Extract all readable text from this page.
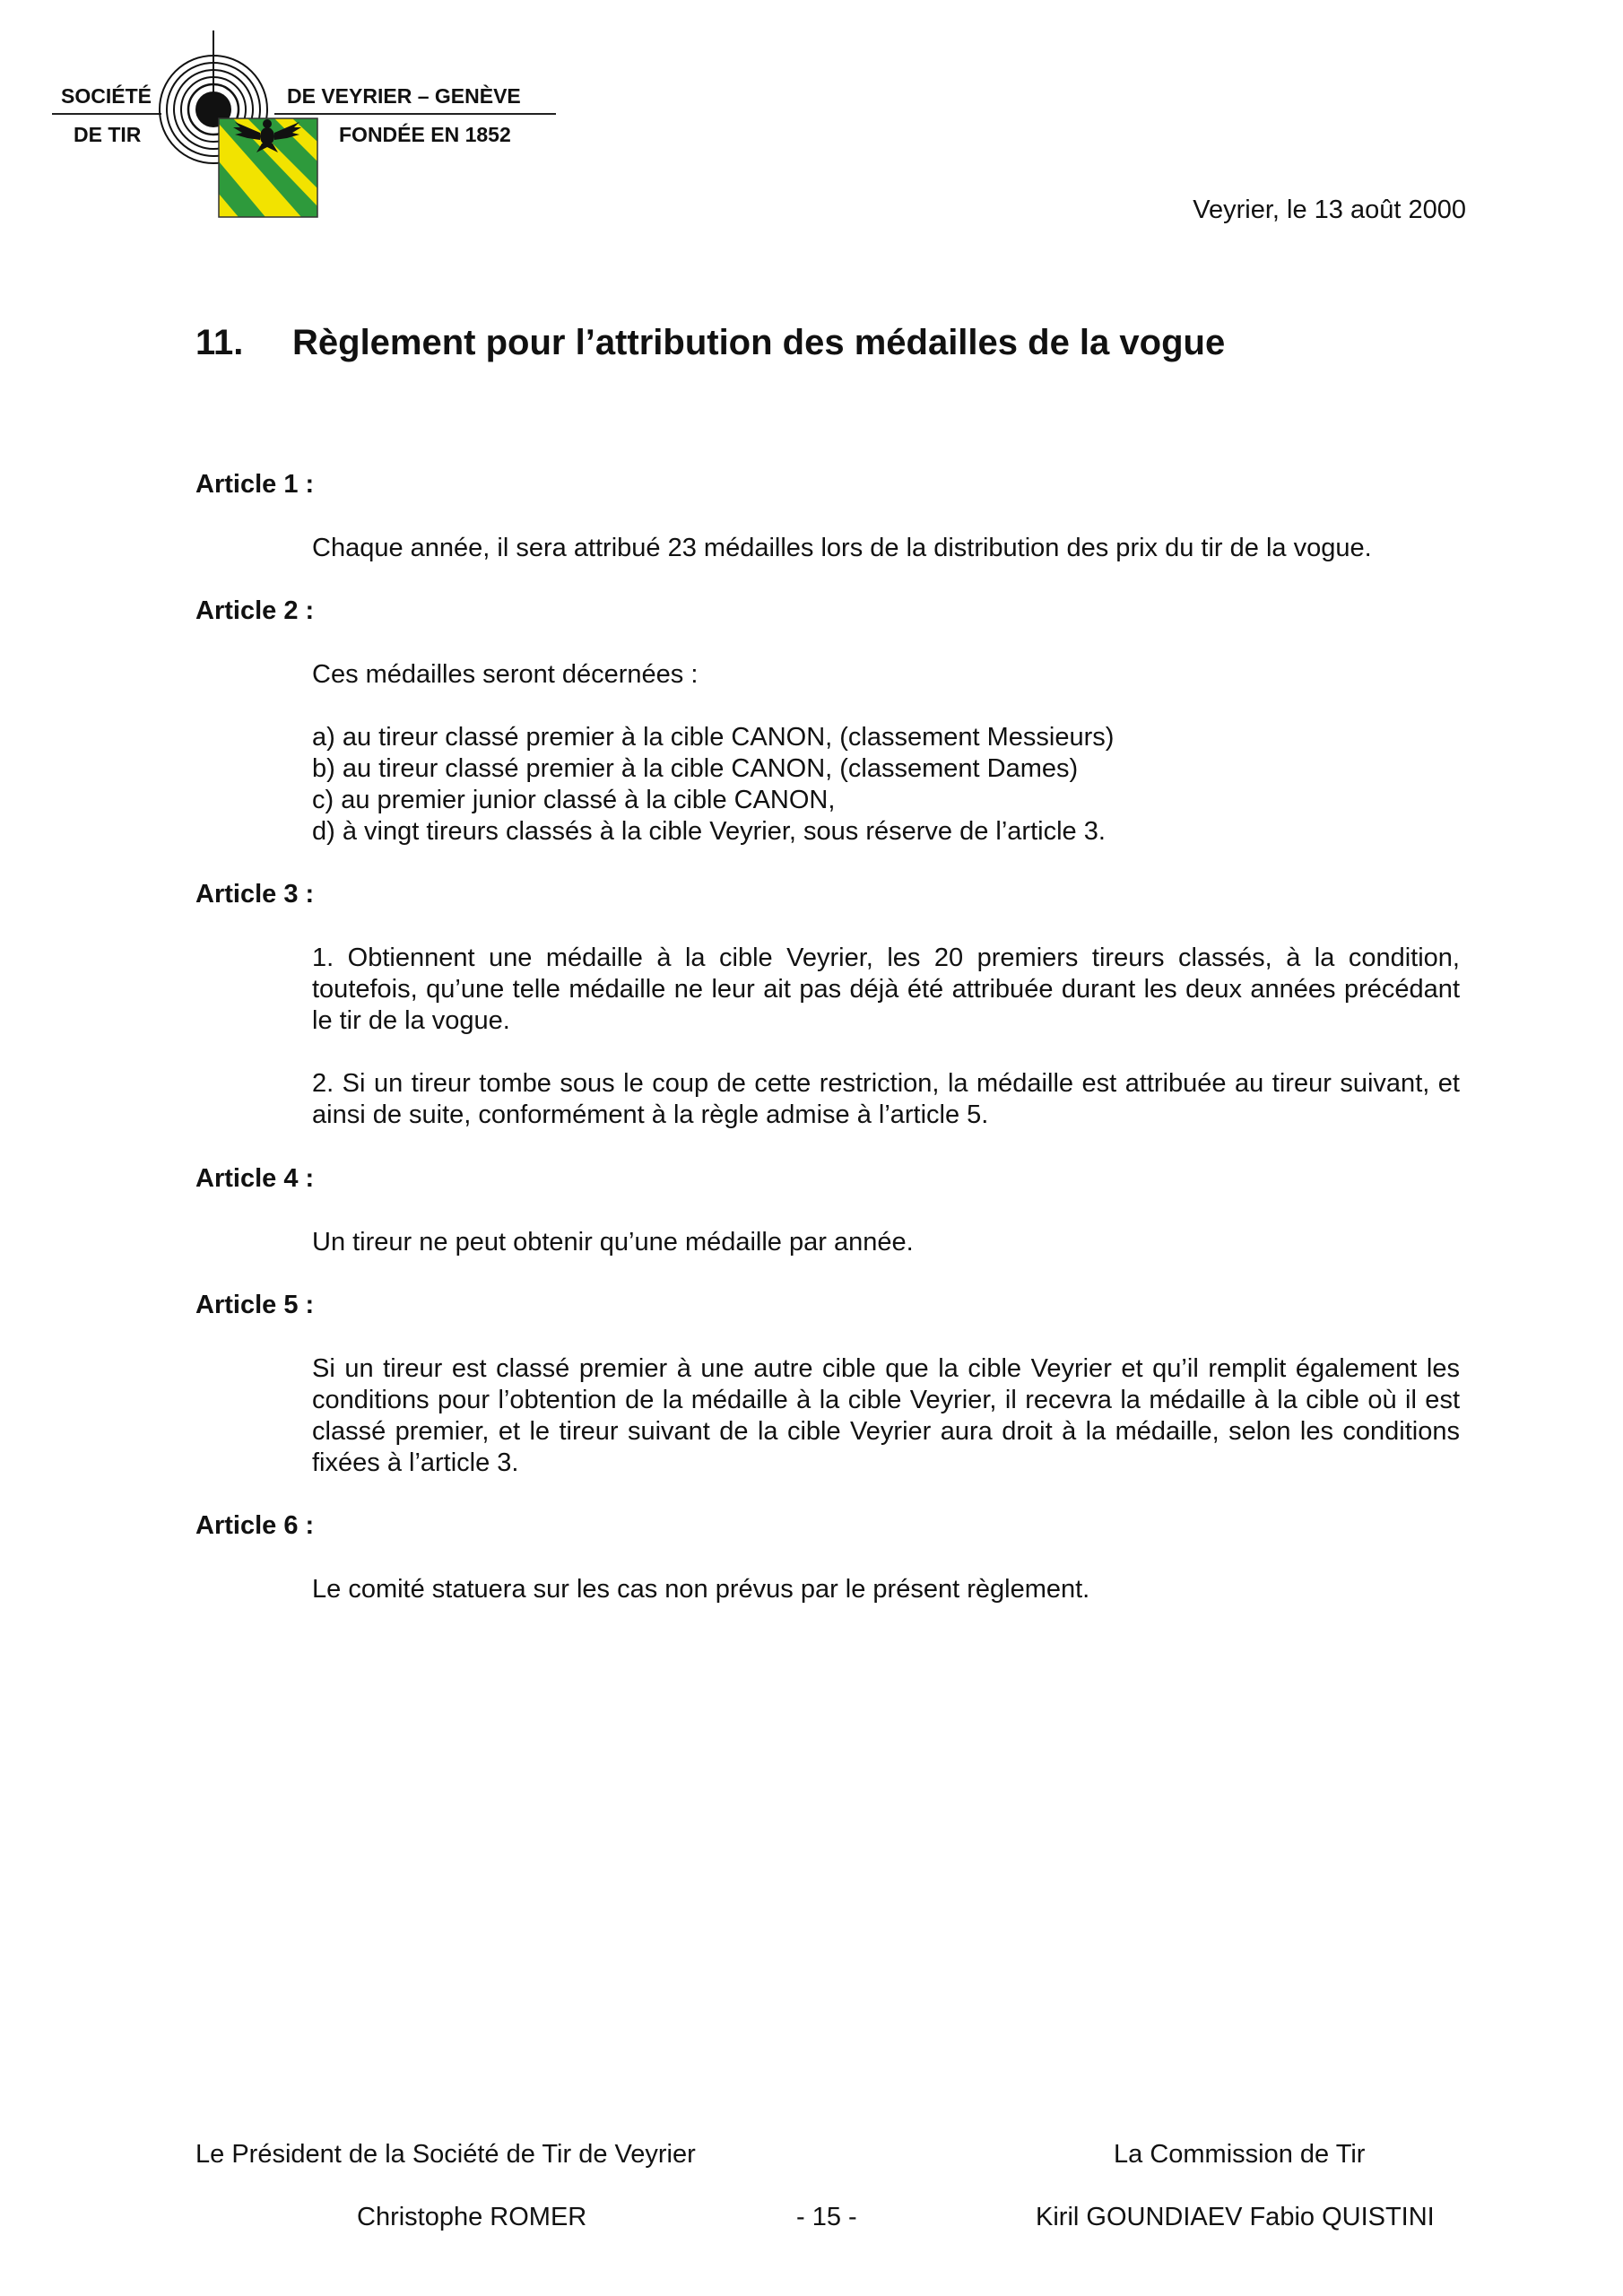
SOCIÉTÉ
DE TIR
DE VEYRIER – GENÈVE
FONDÉE EN 1852
Veyrier, le 13 août 2000
11. Règlement pour l’attribution des médailles de la vogue
Article 1 :
Chaque année, il sera attribué 23 médailles lors de la distribution des prix du tir de la vogue.
Article 2 :
Ces médailles seront décernées :
a) au tireur classé premier à la cible CANON, (classement Messieurs)
b) au tireur classé premier à la cible CANON, (classement Dames)
c) au premier junior classé à la cible CANON,
d) à vingt tireurs classés à la cible Veyrier, sous réserve de l’article 3.
Article 3 :
1. Obtiennent une médaille à la cible Veyrier, les 20 premiers tireurs classés, à la condition, toutefois, qu’une telle médaille ne leur ait pas déjà été attribuée durant les deux années précédant le tir de la vogue.
2. Si un tireur tombe sous le coup de cette restriction, la médaille est attribuée au tireur suivant, et ainsi de suite, conformément à la règle admise à l’article 5.
Article 4 :
Un tireur ne peut obtenir qu’une médaille par année.
Article 5 :
Si un tireur est classé premier à une autre cible que la cible Veyrier et qu’il remplit également les conditions pour l’obtention de la médaille à la cible Veyrier, il recevra la médaille à la cible où il est classé premier, et le tireur suivant de la cible Veyrier aura droit à la médaille, selon les conditions fixées à l’article 3.
Article 6 :
Le comité statuera sur les cas non prévus par le présent règlement.
Le Président de la Société de Tir de Veyrier	La Commission de Tir
Christophe ROMER	- 15 -	Kiril GOUNDIAEV Fabio QUISTINI
